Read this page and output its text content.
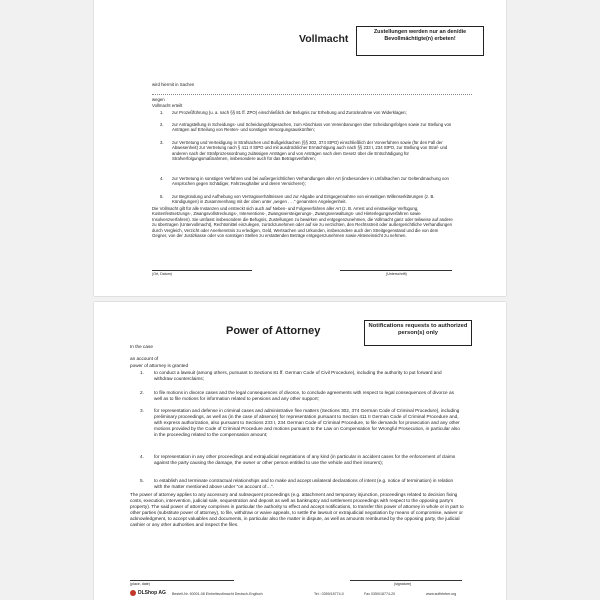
Vollmacht
Zustellungen werden nur an den/die Bevollmächtigte(n) erbeten!
wird hiermit in Sachen
wegen
Vollmacht erteilt
1. zur Prozeßführung (u. a. nach §§ 81 ff. ZPO) einschließlich der Befugnis zur Erhebung und Zurücknahme von Widerklagen;
2. zur Antragstellung in Scheidungs- und Scheidungsfolgesachen, zum Abschluss von Vereinbarungen über Scheidungsfolgen sowie zur Stellung von Anträgen auf Erteilung von Renten- und sonstigen Versorgungsauskünften;
3. zur Vertretung und Verteidigung in Strafsachen und Bußgeldsachen (§§ 302, 374 StPO) einschließlich der Vorverfahren sowie (für den Fall der Abwesenheit) zur Vertretung nach § 411 II StPO und mit ausdrücklicher Ermächtigung auch nach §§ 233 I, 234 StPO, zur Stellung von Straf- und anderen nach der Strafprozessordnung zulässigen Anträgen und von Anträgen nach dem Gesetz über die Entschädigung für Strafverfolgungsmaßnahmen, insbesondere auch für das Betragsverfahren;
4. zur Vertretung in sonstigen Verfahren und bei außergerichtlichen Verhandlungen aller Art (insbesondere in Unfallsachen zur Geltendmachung von Ansprüchen gegen Schädiger, Fahrzeughalter und deren Versicherer);
5. zur Begründung und Aufhebung von Vertragsverhältnissen und zur Abgabe und Entgegennahme von einseitigen Willenserklärungen (z. B. Kündigungen) in Zusammenhang mit der oben unter „wegen . . .“ genannten Angelegenheit.
Die Vollmacht gilt für alle Instanzen und erstreckt sich auch auf Neben- und Folgeverfahren aller Art (z. B. Arrest und einstweilige Verfügung, Kostenfestsetzungs-, Zwangsvollstreckungs-, Interventions-, Zwangsversteigerungs-, Zwangsverwaltungs- und Hinterlegungsverfahren sowie Insolvenzverfahren). Sie umfasst insbesondere die Befugnis, Zustellungen zu bewirken und entgegenzunehmen, die Vollmacht ganz oder teilweise auf andere zu übertragen (Untervollmacht), Rechtsmittel einzulegen, zurückzunehmen oder auf sie zu verzichten, den Rechtsstreit oder außergerichtliche Verhandlungen durch Vergleich, Verzicht oder Anerkenntnis zu erledigen, Geld, Wertsachen und Urkunden, insbesondere auch den Streitgegenstand und die von dem Gegner, von der Justizkasse oder von sonstigen Stellen zu erstattenden Beträge entgegenzunehmen sowie Akteneinsicht zu nehmen.
(Ort, Datum)	(Unterschrift)
Power of Attorney	Notifications requests to authorized person(s) only
In the case
an account of
power of attorney is granted
1. to conduct a lawsuit (among others, pursuant to Sections 81 ff. German Code of Civil Procedure), including the authority to put forward and withdraw counterclaims;
2. to file motions in divorce cases and the legal consequences of divorce, to conclude agreements with respect to legal consequences of divorce as well as to file motions for information related to pensions and any other support;
3. for representation and defense in criminal cases and administrative fine matters (Sections 302, 374 German Code of Criminal Procedure), including preliminary proceedings, as well as (in the case of absence) for representation pursuant to Section 411 II German Code of Criminal Procedure and, with express authorization, also pursuant to Sections 233 I, 234 German Code of Criminal Procedure, to file demands for prosecution and any other motions provided by the Code of Criminal Procedure and motions pursuant to the Law on Compensation for Wrongful Prosecution, in particular also in the proceeding related to the compensation amount;
4. for representation in any other proceedings and extrajudicial negotiations of any kind (in particular in accident cases for the enforcement of claims against the party causing the damage, the owner or other person entitled to use the vehicle and their insurers);
5. to establish and terminate contractual relationships and to make and accept unilateral declarations of intent (e.g. notice of termination) in relation with the matter mentioned above under “on account of…”.
The power of attorney applies to any accessory and subsequent proceedings (e.g. attachment and temporary injunction, proceedings related to decision fixing costs, execution, intervention, judicial sale, sequestration and deposit as well as bankruptcy and settlement proceedings with respect to the opposing party’s property). The said power of attorney comprises in particular the authority to effect and accept notifications, to transfer this power of attorney in whole or in part to other parties (substitute power of attorney), to file, withdraw or waive appeals, to settle the lawsuit or extrajudicial negotiation by means of compromise, waiver or acknowledgment, to accept valuables and documents, in particular also the matter in dispute, as well as amounts reimbursed by the opposing party, the judicial cashier or any other authorities and inspect the files.
(place, date)	(signature)
DLShop AG Bestell-Nr. 60001-08 Einheitsvollmacht Deutsch-Englisch	Tel.: 0359/18774-0	Fax 0359/18774-20	www.suffeleber.org
